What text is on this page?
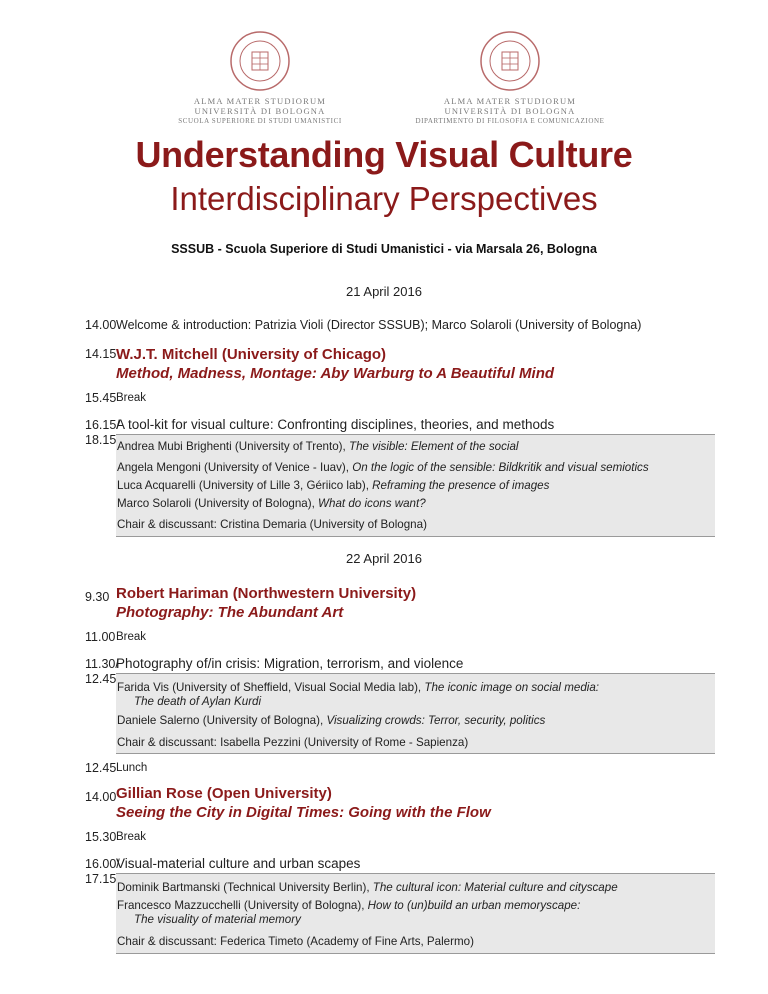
ALMA MATER STUDIORUM
UNIVERSITÀ DI BOLOGNA
SCUOLA SUPERIORE DI STUDI UMANISTICI
ALMA MATER STUDIORUM
UNIVERSITÀ DI BOLOGNA
DIPARTIMENTO DI FILOSOFIA E COMUNICAZIONE
Understanding Visual Culture
Interdisciplinary Perspectives
SSSUB - Scuola Superiore di Studi Umanistici - via Marsala 26, Bologna
21 April 2016
14.00 Welcome & introduction: Patrizia Violi (Director SSSUB); Marco Solaroli (University of Bologna)
14.15 W.J.T. Mitchell (University of Chicago)
Method, Madness, Montage: Aby Warburg to A Beautiful Mind
15.45 Break
16.15/
18.15
A tool-kit for visual culture: Confronting disciplines, theories, and methods
Andrea Mubi Brighenti (University of Trento), The visible: Element of the social
Angela Mengoni (University of Venice - Iuav), On the logic of the sensible: Bildkritik and visual semiotics
Luca Acquarelli (University of Lille 3, Gériico lab), Reframing the presence of images
Marco Solaroli (University of Bologna), What do icons want?
Chair & discussant: Cristina Demaria (University of Bologna)
22 April 2016
9.30 Robert Hariman (Northwestern University)
Photography: The Abundant Art
11.00 Break
11.30/
12.45
Photography of/in crisis: Migration, terrorism, and violence
Farida Vis (University of Sheffield, Visual Social Media lab), The iconic image on social media:
The death of Aylan Kurdi
Daniele Salerno (University of Bologna), Visualizing crowds: Terror, security, politics
Chair & discussant: Isabella Pezzini (University of Rome - Sapienza)
12.45 Lunch
14.00 Gillian Rose (Open University)
Seeing the City in Digital Times: Going with the Flow
15.30 Break
16.00/
17.15
Visual-material culture and urban scapes
Dominik Bartmanski (Technical University Berlin), The cultural icon: Material culture and cityscape
Francesco Mazzucchelli (University of Bologna), How to (un)build an urban memoryscape:
The visuality of material memory
Chair & discussant: Federica Timeto (Academy of Fine Arts, Palermo)
